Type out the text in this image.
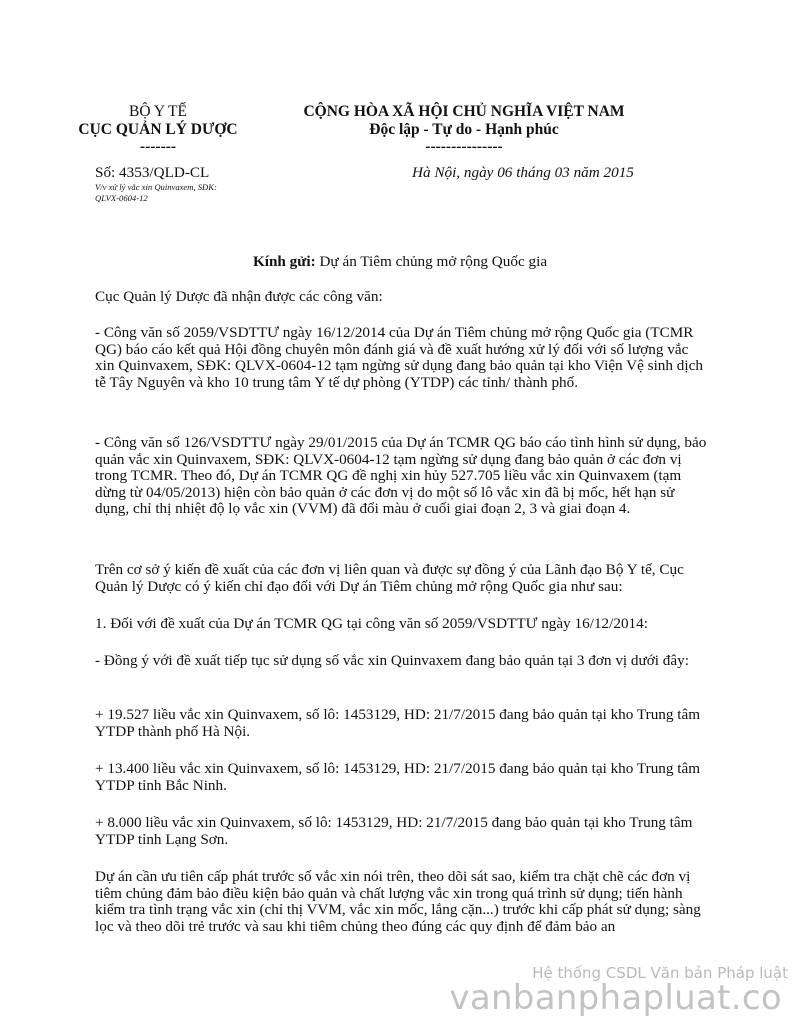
BỘ Y TẾ
CỤC QUẢN LÝ DƯỢC
-------
CỘNG HÒA XÃ HỘI CHỦ NGHĨA VIỆT NAM
Độc lập - Tự do - Hạnh phúc
---------------
Số: 4353/QLD-CL	Hà Nội, ngày 06 tháng 03 năm 2015
V/v xử lý vắc xin Quinvaxem, SĐK:
QLVX-0604-12
Kính gửi: Dự án Tiêm chủng mở rộng Quốc gia
Cục Quản lý Dược đã nhận được các công văn:
- Công văn số 2059/VSDTTƯ ngày 16/12/2014 của Dự án Tiêm chủng mở rộng Quốc gia (TCMR QG) báo cáo kết quả Hội đồng chuyên môn đánh giá và đề xuất hướng xử lý đối với số lượng vắc xin Quinvaxem, SĐK: QLVX-0604-12 tạm ngừng sử dụng đang bảo quản tại kho Viện Vệ sinh dịch tễ Tây Nguyên và kho 10 trung tâm Y tế dự phòng (YTDP) các tỉnh/ thành phố.
- Công văn số 126/VSDTTƯ ngày 29/01/2015 của Dự án TCMR QG báo cáo tình hình sử dụng, bảo quản vắc xin Quinvaxem, SĐK: QLVX-0604-12 tạm ngừng sử dụng đang bảo quản ở các đơn vị trong TCMR. Theo đó, Dự án TCMR QG đề nghị xin hủy 527.705 liều vắc xin Quinvaxem (tạm dừng từ 04/05/2013) hiện còn bảo quản ở các đơn vị do một số lô vắc xin đã bị mốc, hết hạn sử dụng, chỉ thị nhiệt độ lọ vắc xin (VVM) đã đổi màu ở cuối giai đoạn 2, 3 và giai đoạn 4.
Trên cơ sở ý kiến đề xuất của các đơn vị liên quan và được sự đồng ý của Lãnh đạo Bộ Y tế, Cục Quản lý Dược có ý kiến chỉ đạo đối với Dự án Tiêm chủng mở rộng Quốc gia như sau:
1. Đối với đề xuất của Dự án TCMR QG tại công văn số 2059/VSDTTƯ ngày 16/12/2014:
- Đồng ý với đề xuất tiếp tục sử dụng số vắc xin Quinvaxem đang bảo quản tại 3 đơn vị dưới đây:
+ 19.527 liều vắc xin Quinvaxem, số lô: 1453129, HD: 21/7/2015 đang bảo quản tại kho Trung tâm YTDP thành phố Hà Nội.
+ 13.400 liều vắc xin Quinvaxem, số lô: 1453129, HD: 21/7/2015 đang bảo quản tại kho Trung tâm YTDP tỉnh Bắc Ninh.
+ 8.000 liều vắc xin Quinvaxem, số lô: 1453129, HD: 21/7/2015 đang bảo quản tại kho Trung tâm YTDP tỉnh Lạng Sơn.
Dự án cần ưu tiên cấp phát trước số vắc xin nói trên, theo dõi sát sao, kiểm tra chặt chẽ các đơn vị tiêm chủng đảm bảo điều kiện bảo quản và chất lượng vắc xin trong quá trình sử dụng; tiến hành kiểm tra tình trạng vắc xin (chỉ thị VVM, vắc xin mốc, lắng cặn...) trước khi cấp phát sử dụng; sàng lọc và theo dõi trẻ trước và sau khi tiêm chủng theo đúng các quy định để đảm bảo an
Hệ thống CSDL Văn bản Pháp luật
vanbanphapluat.co
